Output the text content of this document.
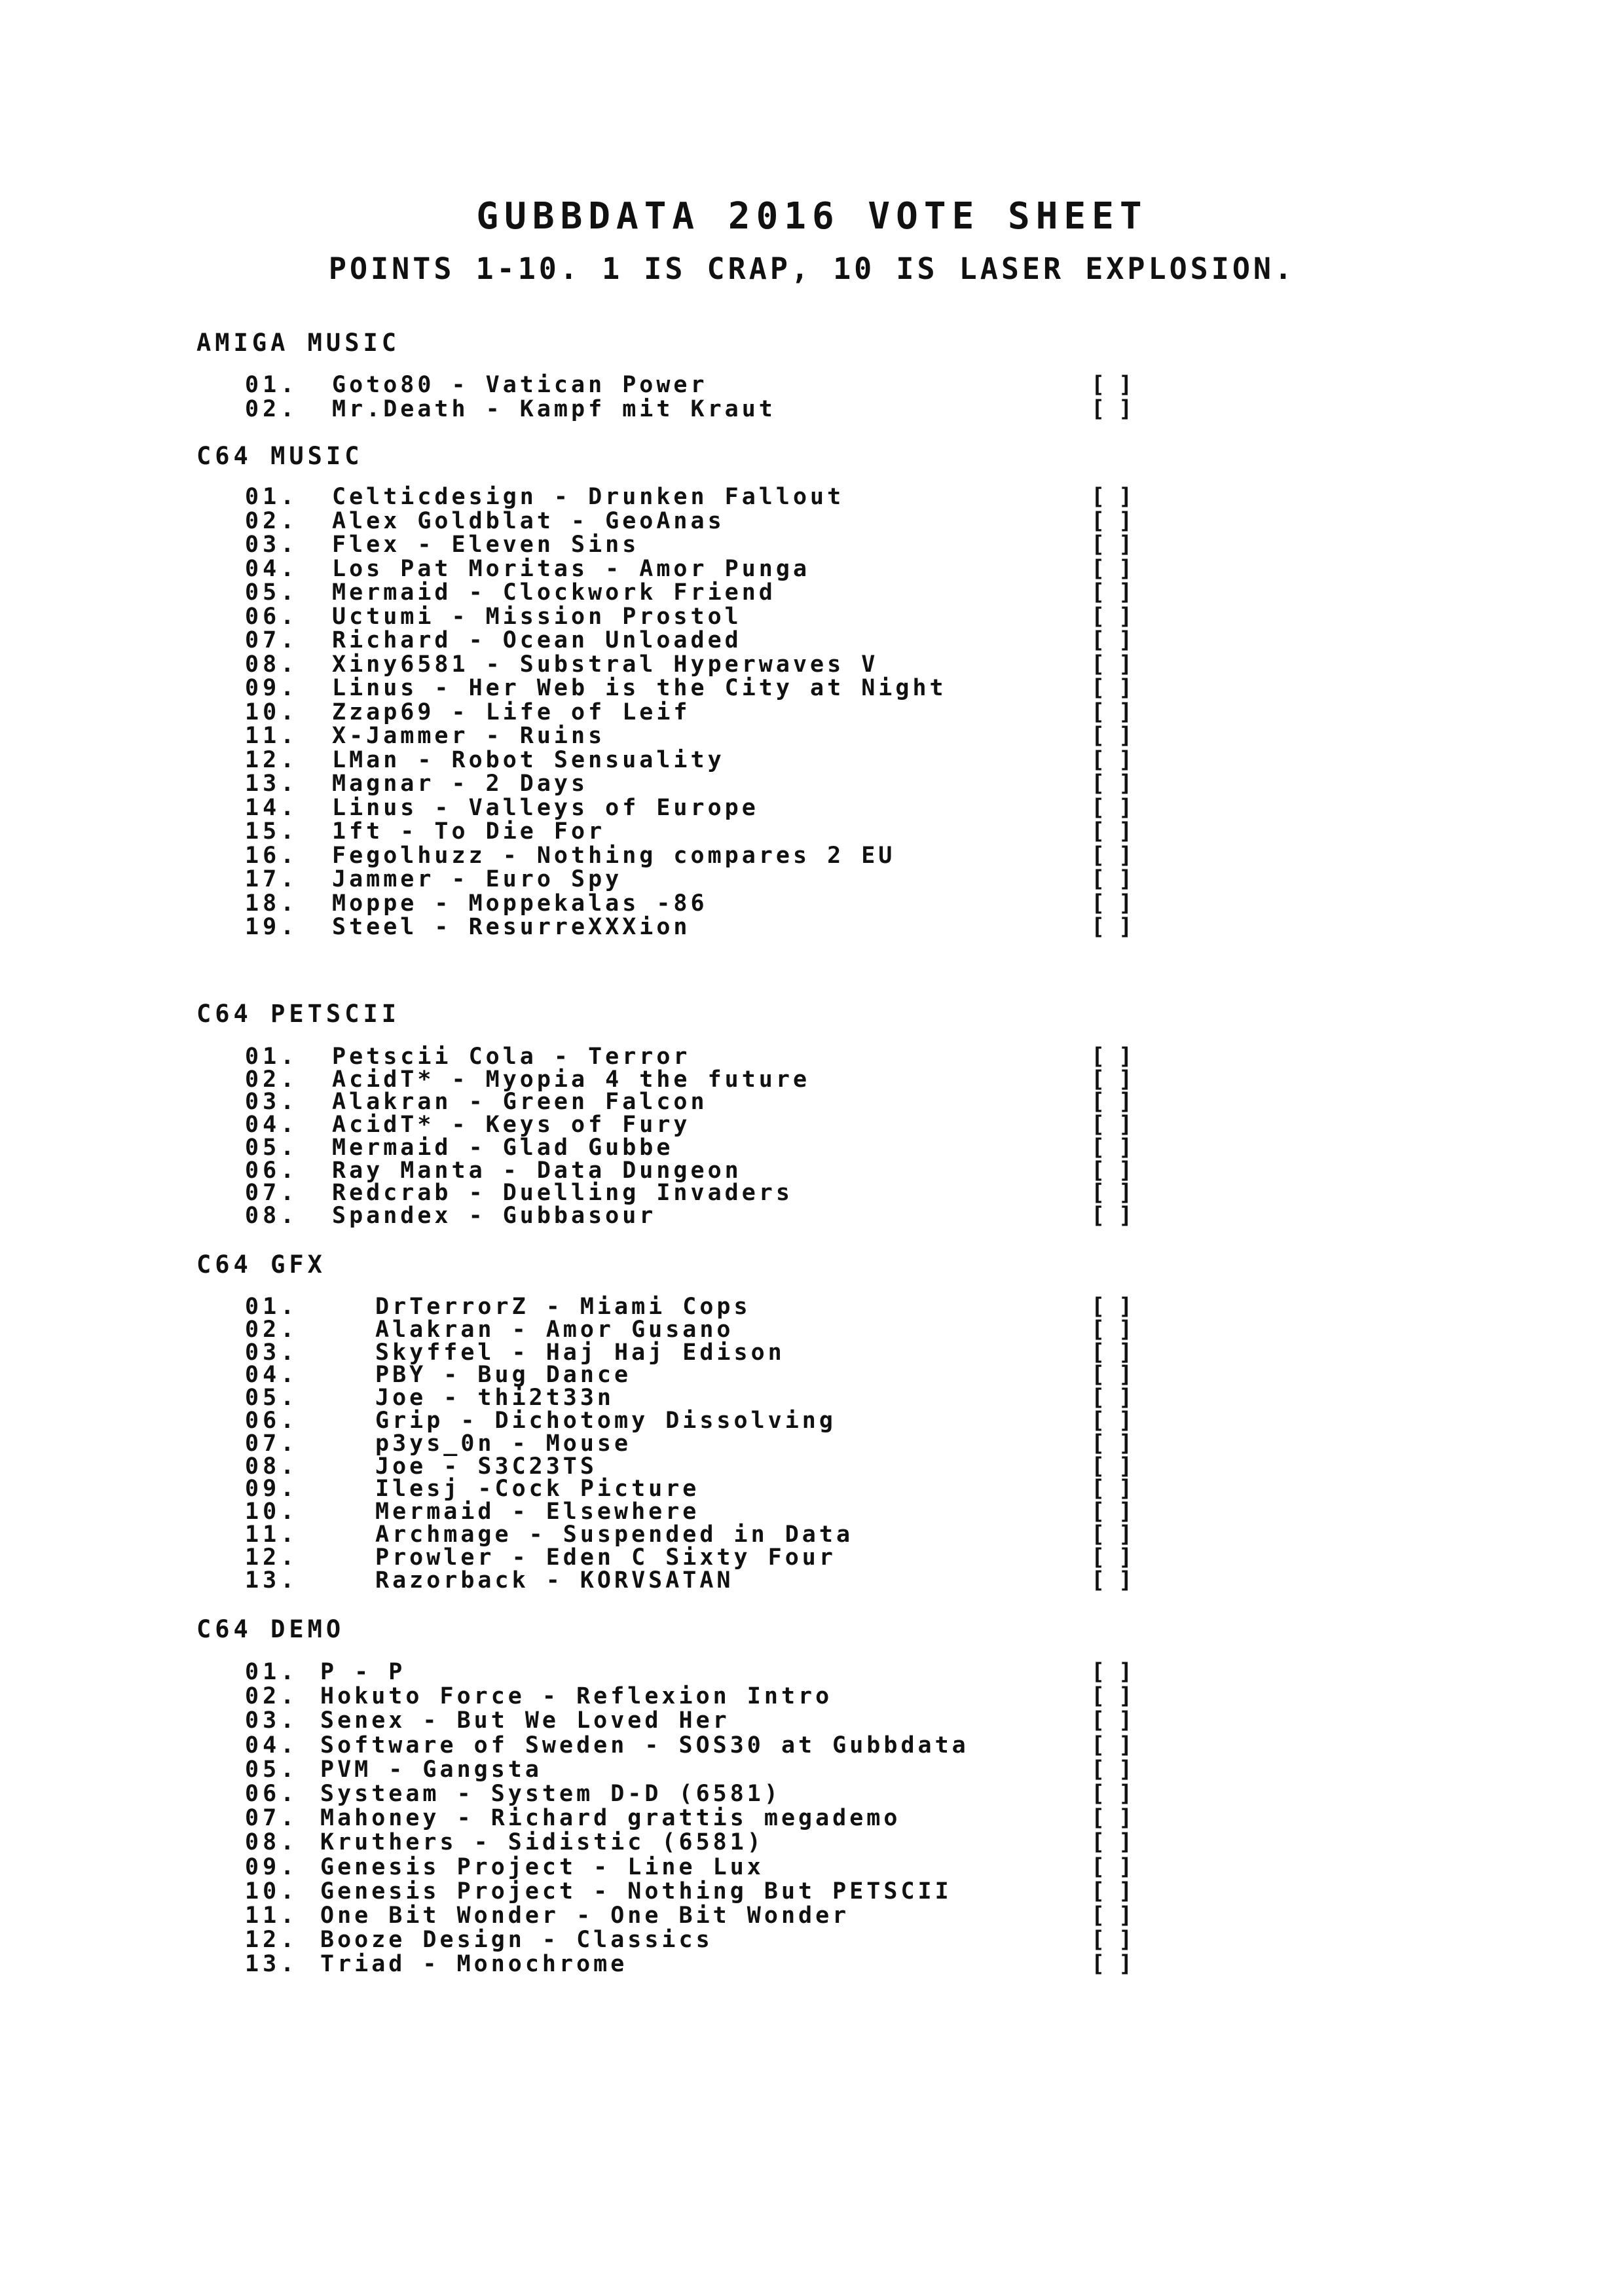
GUBBDATA 2016 VOTE SHEET
POINTS 1-10. 1 IS CRAP, 10 IS LASER EXPLOSION.
AMIGA MUSIC
01. Goto80 - Vatican Power	[ ]
02. Mr.Death - Kampf mit Kraut	[ ]
C64 MUSIC
01. Celticdesign - Drunken Fallout	[ ]
02. Alex Goldblat - GeoAnas	[ ]
03. Flex - Eleven Sins	[ ]
04. Los Pat Moritas - Amor Punga	[ ]
05. Mermaid - Clockwork Friend	[ ]
06. Uctumi - Mission Prostol	[ ]
07. Richard - Ocean Unloaded	[ ]
08. Xiny6581 - Substral Hyperwaves V	[ ]
09. Linus - Her Web is the City at Night	[ ]
10. Zzap69 - Life of Leif	[ ]
11. X-Jammer - Ruins	[ ]
12. LMan - Robot Sensuality	[ ]
13. Magnar - 2 Days	[ ]
14. Linus - Valleys of Europe	[ ]
15. 1ft - To Die For	[ ]
16. Fegolhuzz - Nothing compares 2 EU	[ ]
17. Jammer - Euro Spy	[ ]
18. Moppe - Moppekalas -86	[ ]
19. Steel - ResurreXXXion	[ ]
C64 PETSCII
01. Petscii Cola - Terror	[ ]
02. AcidT* - Myopia 4 the future	[ ]
03. Alakran - Green Falcon	[ ]
04. AcidT* - Keys of Fury	[ ]
05. Mermaid - Glad Gubbe	[ ]
06. Ray Manta - Data Dungeon	[ ]
07. Redcrab - Duelling Invaders	[ ]
08. Spandex - Gubbasour	[ ]
C64 GFX
01.	DrTerrorZ - Miami Cops	[ ]
02.	Alakran - Amor Gusano	[ ]
03.	Skyffel - Haj Haj Edison	[ ]
04.	PBY - Bug Dance	[ ]
05.	Joe - thi2t33n	[ ]
06.	Grip - Dichotomy Dissolving	[ ]
07.	p3ys_0n - Mouse	[ ]
08.	Joe - S3C23TS	[ ]
09.	Ilesj -Cock Picture	[ ]
10.	Mermaid - Elsewhere	[ ]
11.	Archmage - Suspended in Data	[ ]
12.	Prowler - Eden C Sixty Four	[ ]
13.	Razorback - KORVSATAN	[ ]
C64 DEMO
01. P - P	[ ]
02. Hokuto Force - Reflexion Intro	[ ]
03. Senex - But We Loved Her	[ ]
04. Software of Sweden - SOS30 at Gubbdata	[ ]
05. PVM - Gangsta	[ ]
06. Systeam - System D-D (6581)	[ ]
07. Mahoney - Richard grattis megademo	[ ]
08. Kruthers - Sidistic (6581)	[ ]
09. Genesis Project - Line Lux	[ ]
10. Genesis Project - Nothing But PETSCII	[ ]
11. One Bit Wonder - One Bit Wonder	[ ]
12. Booze Design - Classics	[ ]
13. Triad - Monochrome	[ ]
